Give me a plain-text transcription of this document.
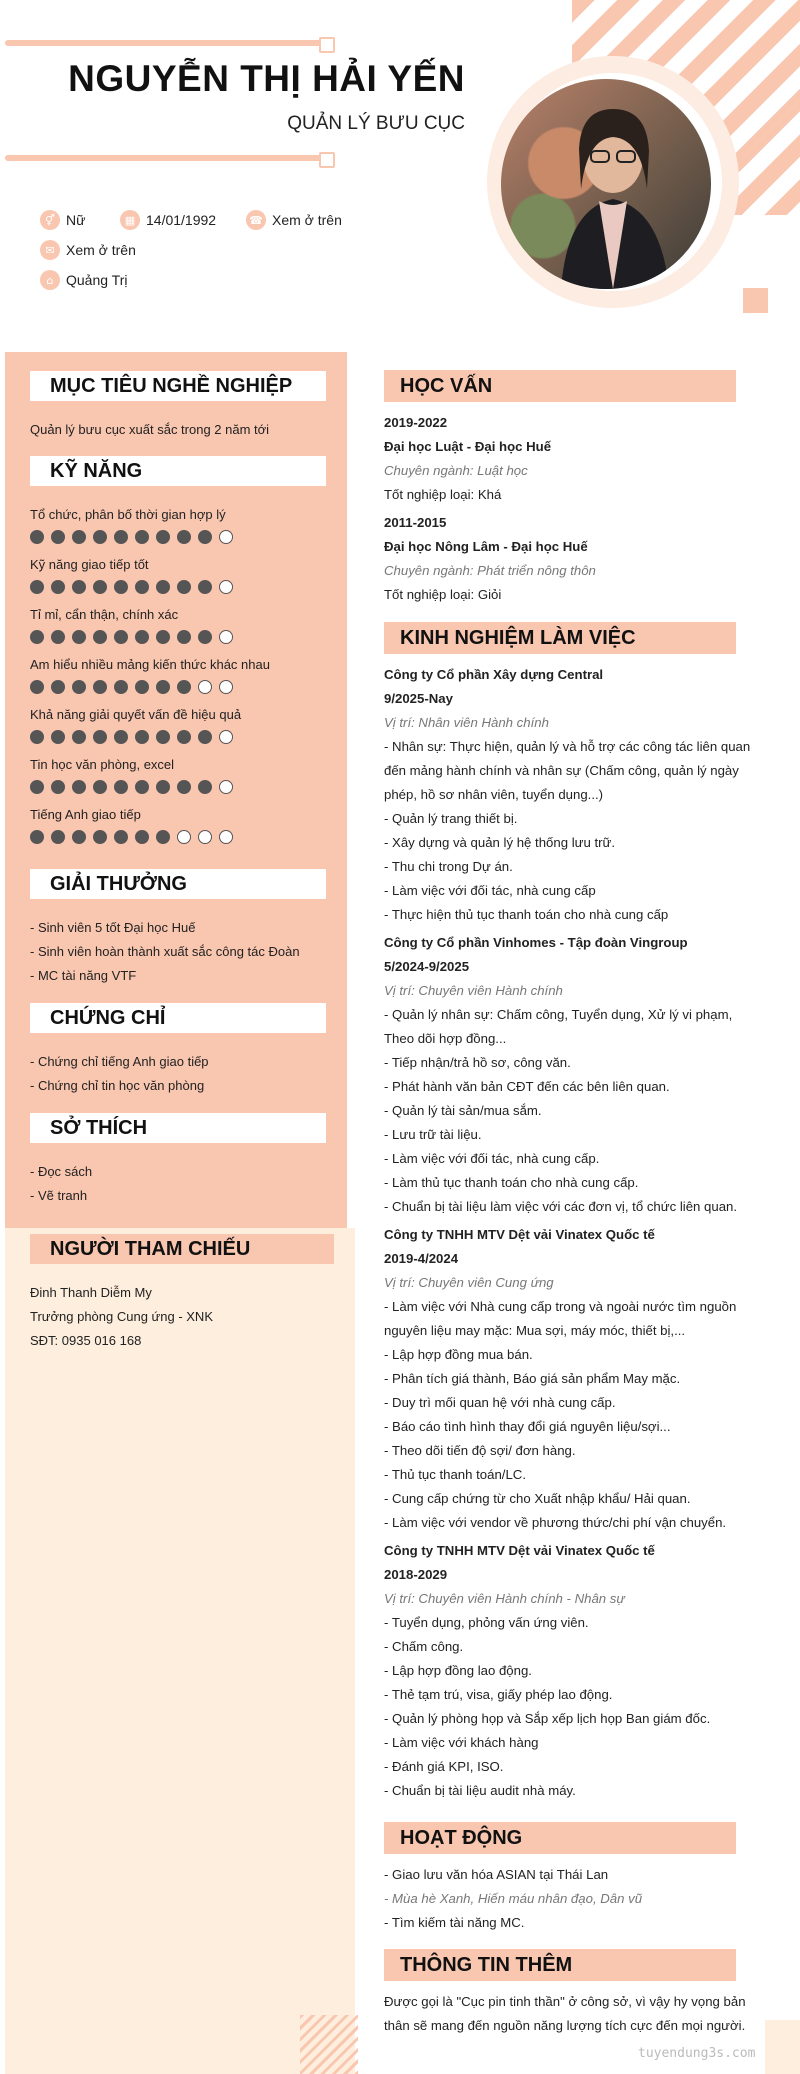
NGUYỄN THỊ HẢI YẾN
QUẢN LÝ BƯU CỤC
⚥ Nữ	▦ 14/01/1992	☎ Xem ở trên
✉ Xem ở trên
⌂ Quảng Trị
MỤC TIÊU NGHỀ NGHIỆP
Quản lý bưu cục xuất sắc trong 2 năm tới
KỸ NĂNG
Tổ chức, phân bố thời gian hợp lý
Kỹ năng giao tiếp tốt
Tỉ mỉ, cẩn thận, chính xác
Am hiểu nhiều mảng kiến thức khác nhau
Khả năng giải quyết vấn đề hiệu quả
Tin học văn phòng, excel
Tiếng Anh giao tiếp
GIẢI THƯỞNG
- Sinh viên 5 tốt Đại học Huế
- Sinh viên hoàn thành xuất sắc công tác Đoàn
- MC tài năng VTF
CHỨNG CHỈ
- Chứng chỉ tiếng Anh giao tiếp
- Chứng chỉ tin học văn phòng
SỞ THÍCH
- Đọc sách
- Vẽ tranh
NGƯỜI THAM CHIẾU
Đinh Thanh Diễm My
Trưởng phòng Cung ứng - XNK
SĐT: 0935 016 168
HỌC VẤN
2019-2022
Đại học Luật - Đại học Huế
Chuyên ngành: Luật học
Tốt nghiệp loại: Khá
2011-2015
Đại học Nông Lâm - Đại học Huế
Chuyên ngành: Phát triển nông thôn
Tốt nghiệp loại: Giỏi
KINH NGHIỆM LÀM VIỆC
Công ty Cổ phần Xây dựng Central
9/2025-Nay
Vị trí: Nhân viên Hành chính
- Nhân sự: Thực hiện, quản lý và hỗ trợ các công tác liên quan
đến mảng hành chính và nhân sự (Chấm công, quản lý ngày
phép, hồ sơ nhân viên, tuyển dụng...)
- Quản lý trang thiết bị.
- Xây dựng và quản lý hệ thống lưu trữ.
- Thu chi trong Dự án.
- Làm việc với đối tác, nhà cung cấp
- Thực hiện thủ tục thanh toán cho nhà cung cấp
Công ty Cổ phần Vinhomes - Tập đoàn Vingroup
5/2024-9/2025
Vị trí: Chuyên viên Hành chính
- Quản lý nhân sự: Chấm công, Tuyển dụng, Xử lý vi phạm,
Theo dõi hợp đồng...
- Tiếp nhận/trả hồ sơ, công văn.
- Phát hành văn bản CĐT đến các bên liên quan.
- Quản lý tài sản/mua sắm.
- Lưu trữ tài liệu.
- Làm việc với đối tác, nhà cung cấp.
- Làm thủ tục thanh toán cho nhà cung cấp.
- Chuẩn bị tài liệu làm việc với các đơn vị, tổ chức liên quan.
Công ty TNHH MTV Dệt vải Vinatex Quốc tế
2019-4/2024
Vị trí: Chuyên viên Cung ứng
- Làm việc với Nhà cung cấp trong và ngoài nước tìm nguồn
nguyên liệu may mặc: Mua sợi, máy móc, thiết bị,...
- Lập hợp đồng mua bán.
- Phân tích giá thành, Báo giá sản phẩm May mặc.
- Duy trì mối quan hệ với nhà cung cấp.
- Báo cáo tình hình thay đổi giá nguyên liệu/sợi...
- Theo dõi tiến độ sợi/ đơn hàng.
- Thủ tục thanh toán/LC.
- Cung cấp chứng từ cho Xuất nhập khẩu/ Hải quan.
- Làm việc với vendor về phương thức/chi phí vận chuyển.
Công ty TNHH MTV Dệt vải Vinatex Quốc tế
2018-2029
Vị trí: Chuyên viên Hành chính - Nhân sự
- Tuyển dụng, phỏng vấn ứng viên.
- Chấm công.
- Lập hợp đồng lao động.
- Thẻ tạm trú, visa, giấy phép lao động.
- Quản lý phòng họp và Sắp xếp lịch họp Ban giám đốc.
- Làm việc với khách hàng
- Đánh giá KPI, ISO.
- Chuẩn bị tài liệu audit nhà máy.
HOẠT ĐỘNG
- Giao lưu văn hóa ASIAN tại Thái Lan
- Mùa hè Xanh, Hiến máu nhân đạo, Dân vũ
- Tìm kiếm tài năng MC.
THÔNG TIN THÊM
Được gọi là "Cục pin tinh thần" ở công sở, vì vậy hy vọng bản
thân sẽ mang đến nguồn năng lượng tích cực đến mọi người.
tuyendung3s.com
